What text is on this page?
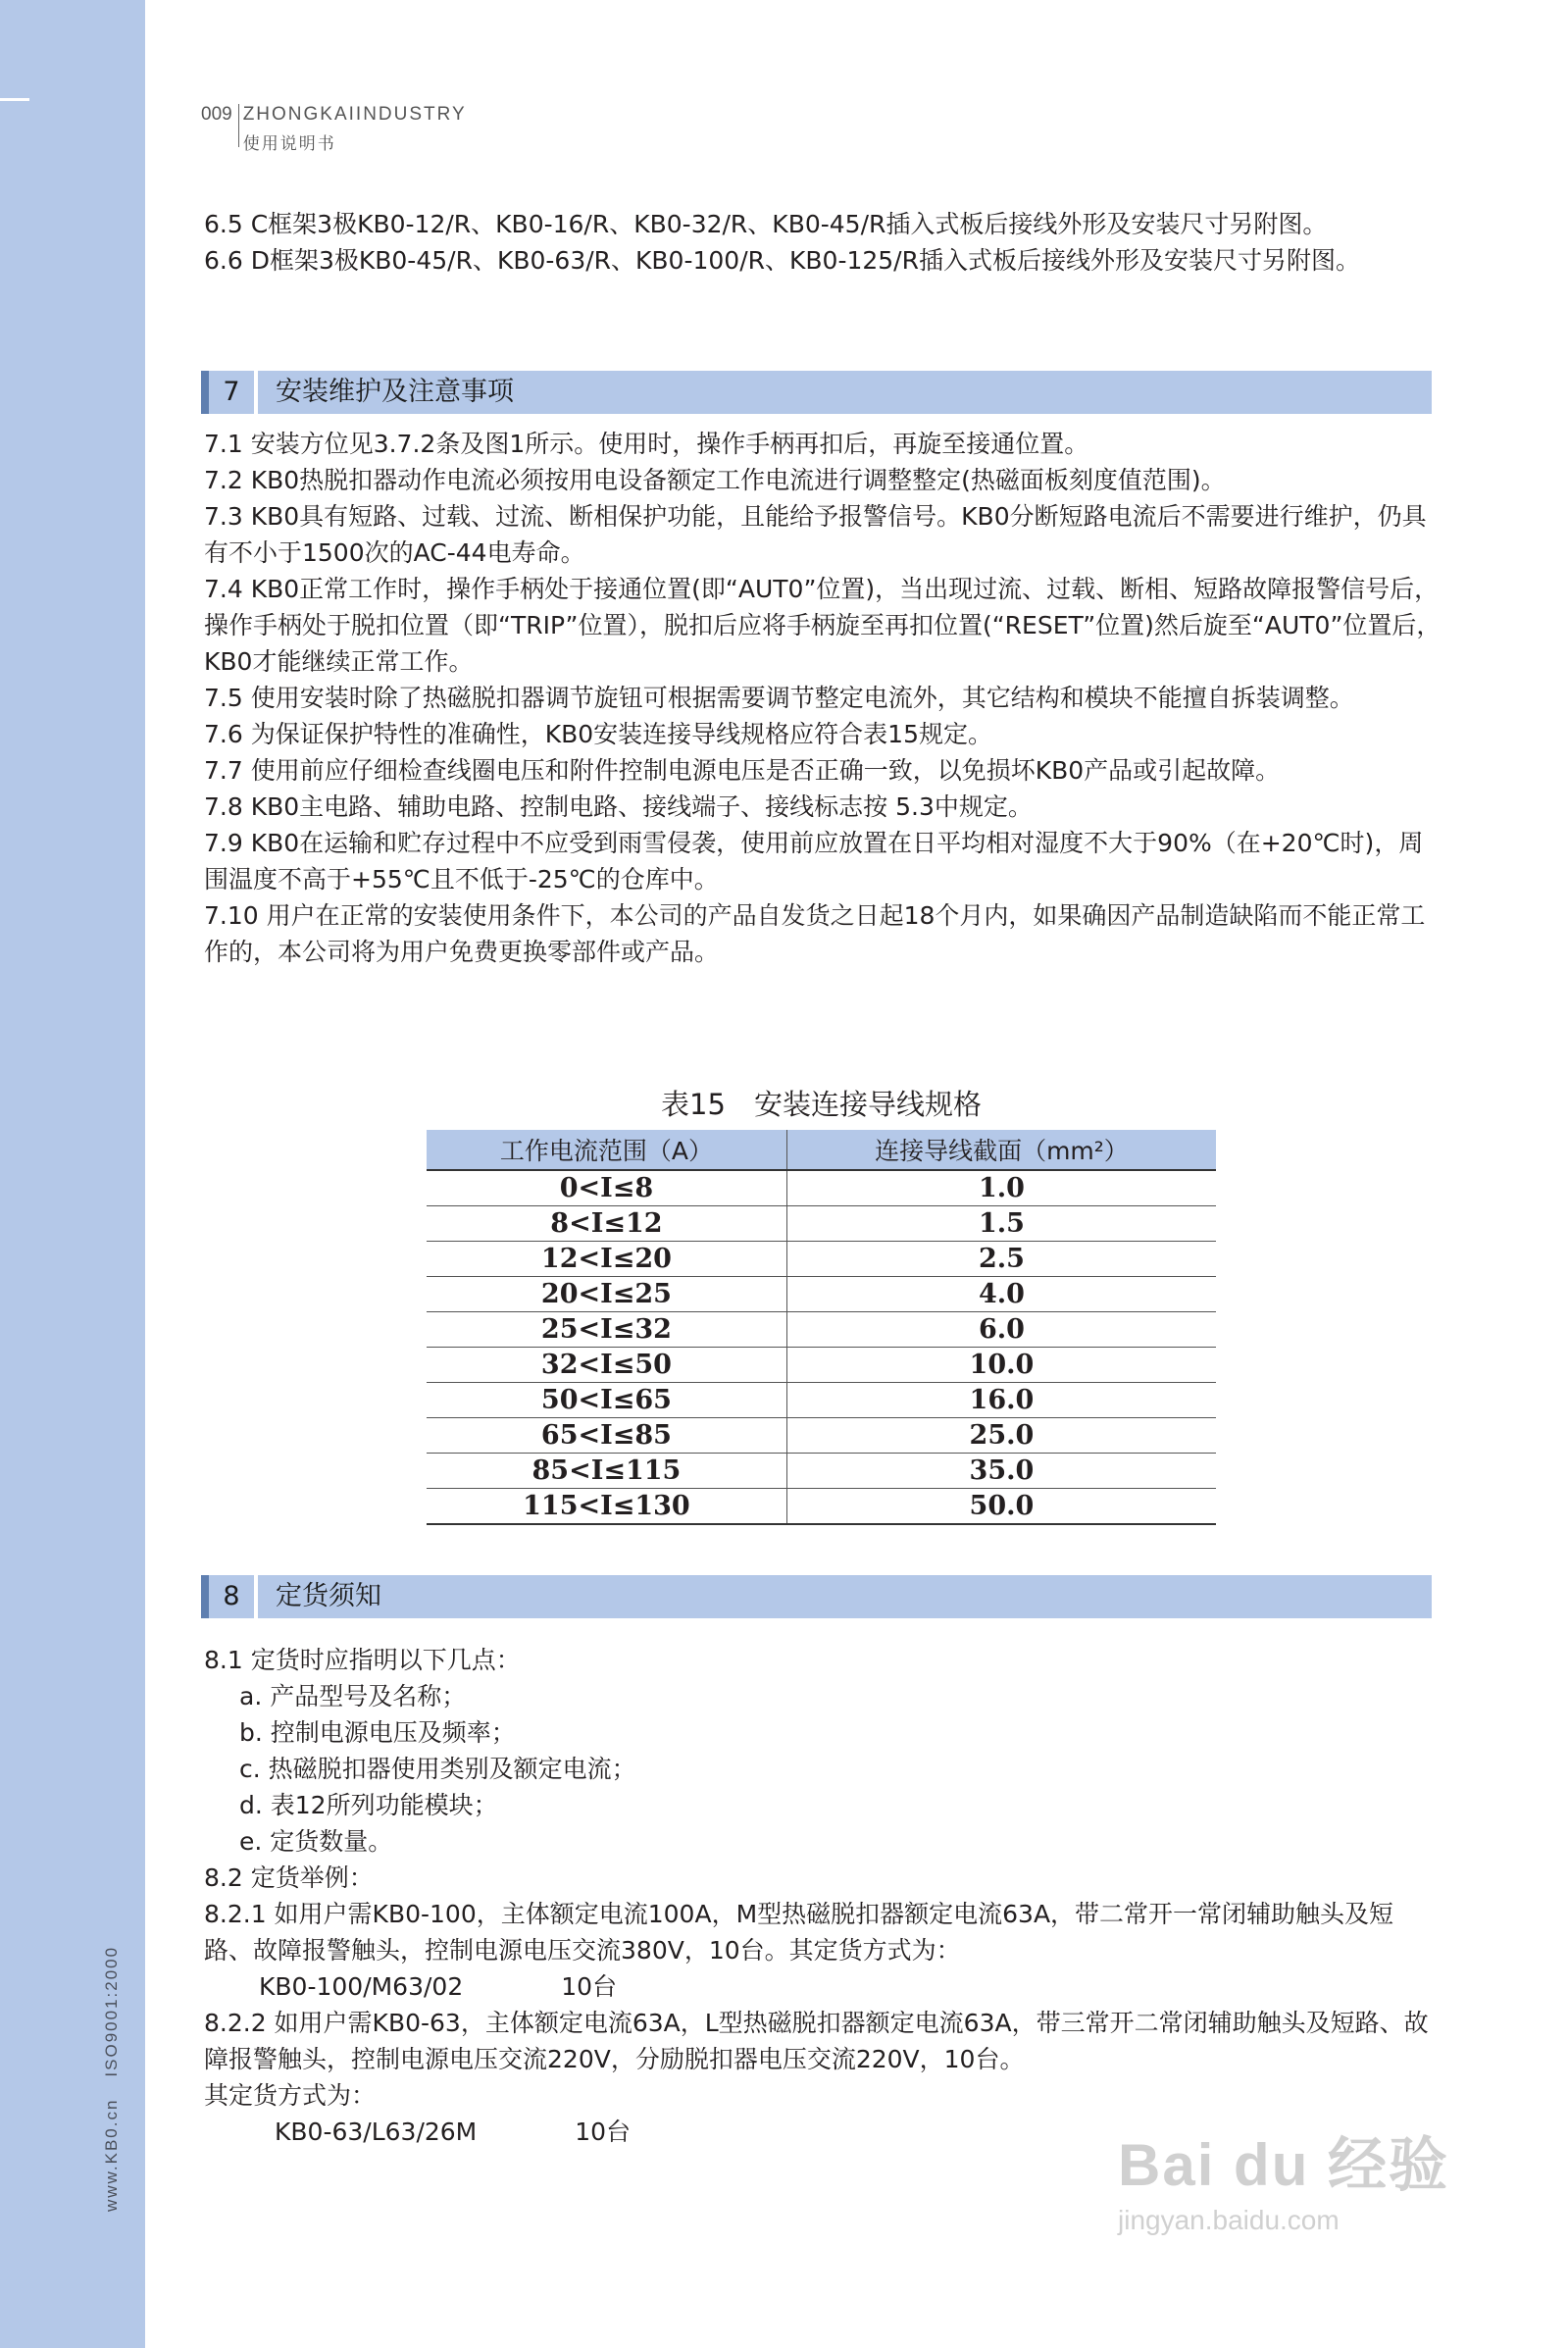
www.KB0.cnISO9001:2000
009 ZHONGKAIINDUSTRY
使用说明书

6.5 C框架3极KB0-12/R、KB0-16/R、KB0-32/R、KB0-45/R插入式板后接线外形及安装尺寸另附图。

6.6 D框架3极KB0-45/R、KB0-63/R、KB0-100/R、KB0-125/R插入式板后接线外形及安装尺寸另附图。

7 安装维护及注意事项

7.1 安装方位见3.7.2条及图1所示。使用时，操作手柄再扣后，再旋至接通位置。

7.2 KB0热脱扣器动作电流必须按用电设备额定工作电流进行调整整定(热磁面板刻度值范围)。

7.3 KB0具有短路、过载、过流、断相保护功能，且能给予报警信号。KB0分断短路电流后不需要进行维护，仍具有不小于1500次的AC-44电寿命。

7.4 KB0正常工作时，操作手柄处于接通位置(即“AUT0”位置)，当出现过流、过载、断相、短路故障报警信号后，操作手柄处于脱扣位置（即“TRIP”位置），脱扣后应将手柄旋至再扣位置(“RESET”位置)然后旋至“AUT0”位置后，KB0才能继续正常工作。

7.5 使用安装时除了热磁脱扣器调节旋钮可根据需要调节整定电流外，其它结构和模块不能擅自拆装调整。

7.6 为保证保护特性的准确性，KB0安装连接导线规格应符合表15规定。

7.7 使用前应仔细检查线圈电压和附件控制电源电压是否正确一致，以免损坏KB0产品或引起故障。

7.8 KB0主电路、辅助电路、控制电路、接线端子、接线标志按 5.3中规定。

7.9 KB0在运输和贮存过程中不应受到雨雪侵袭，使用前应放置在日平均相对湿度不大于90%（在+20℃时)，周围温度不高于+55℃且不低于-25℃的仓库中。

7.10 用户在正常的安装使用条件下，本公司的产品自发货之日起18个月内，如果确因产品制造缺陷而不能正常工作的，本公司将为用户免费更换零部件或产品。

表15　安装连接导线规格
工作电流范围（A）	连接导线截面（mm²）
0<I≤8	1.0
8<I≤12	1.5
12<I≤20	2.5
20<I≤25	4.0
25<I≤32	6.0
32<I≤50	10.0
50<I≤65	16.0
65<I≤85	25.0
85<I≤115	35.0
115<I≤130	50.0
8 定货须知

8.1 定货时应指明以下几点：

a. 产品型号及名称；

b. 控制电源电压及频率；

c. 热磁脱扣器使用类别及额定电流；

d. 表12所列功能模块；

e. 定货数量。

8.2 定货举例：

8.2.1 如用户需KB0-100，主体额定电流100A，M型热磁脱扣器额定电流63A，带二常开一常闭辅助触头及短路、故障报警触头，控制电源电压交流380V，10台。其定货方式为：

KB0-100/M63/02	10台

8.2.2 如用户需KB0-63，主体额定电流63A，L型热磁脱扣器额定电流63A，带三常开二常闭辅助触头及短路、故障报警触头，控制电源电压交流220V，分励脱扣器电压交流220V，10台。

其定货方式为：

KB0-63/L63/26M	10台

Bai du 经验
jingyan.baidu.com
